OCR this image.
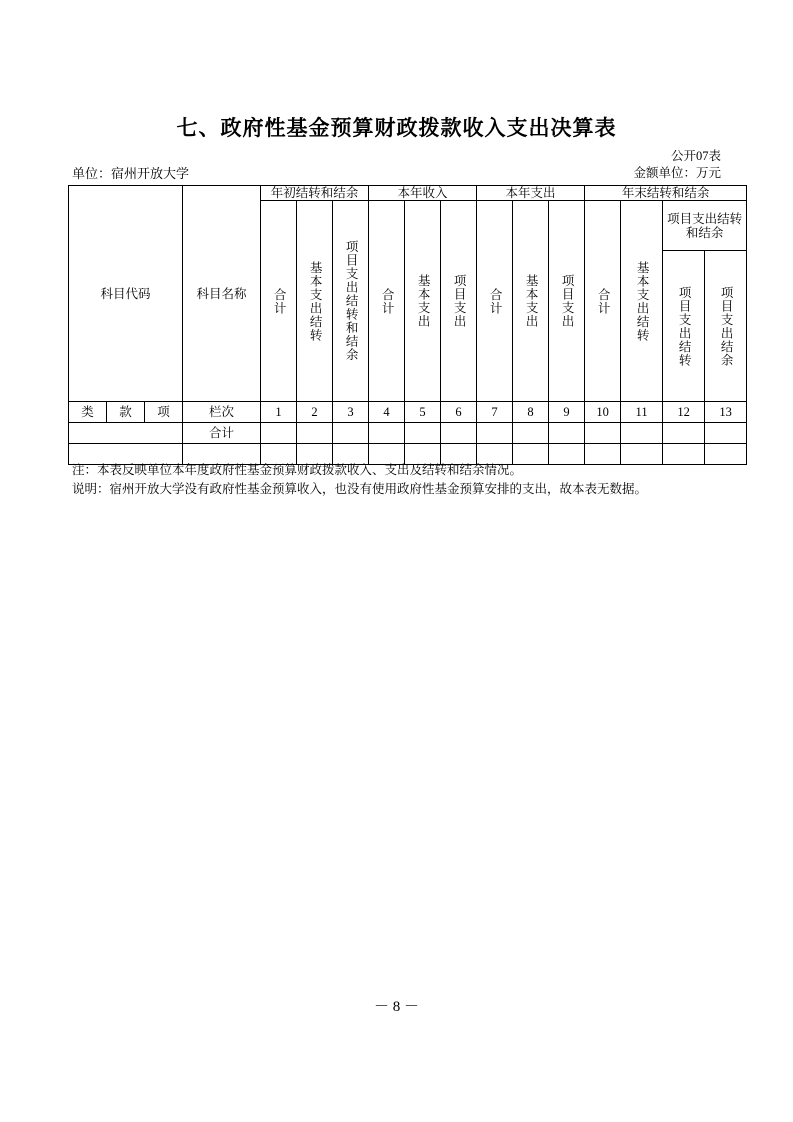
七、政府性基金预算财政拨款收入支出决算表
公开07表
单位：宿州开放大学	金额单位：万元
科目代码			科目名称	年初结转和结余			本年收入			本年支出			年末结转和结余			

				合计	基本支出结转	项目支出结转和结余	合计	基本支出	项目支出	合计	基本支出	项目支出	合计	基本支出结转	项目支出结转和结余	

															项目支出结转	项目支出结余

类	款	项	栏次	1	2	3	4	5	6	7	8	9	10	11	12	13
			合计													

注：本表反映单位本年度政府性基金预算财政拨款收入、支出及结转和结余情况。
说明：宿州开放大学没有政府性基金预算收入，也没有使用政府性基金预算安排的支出，故本表无数据。
－ 8 －
